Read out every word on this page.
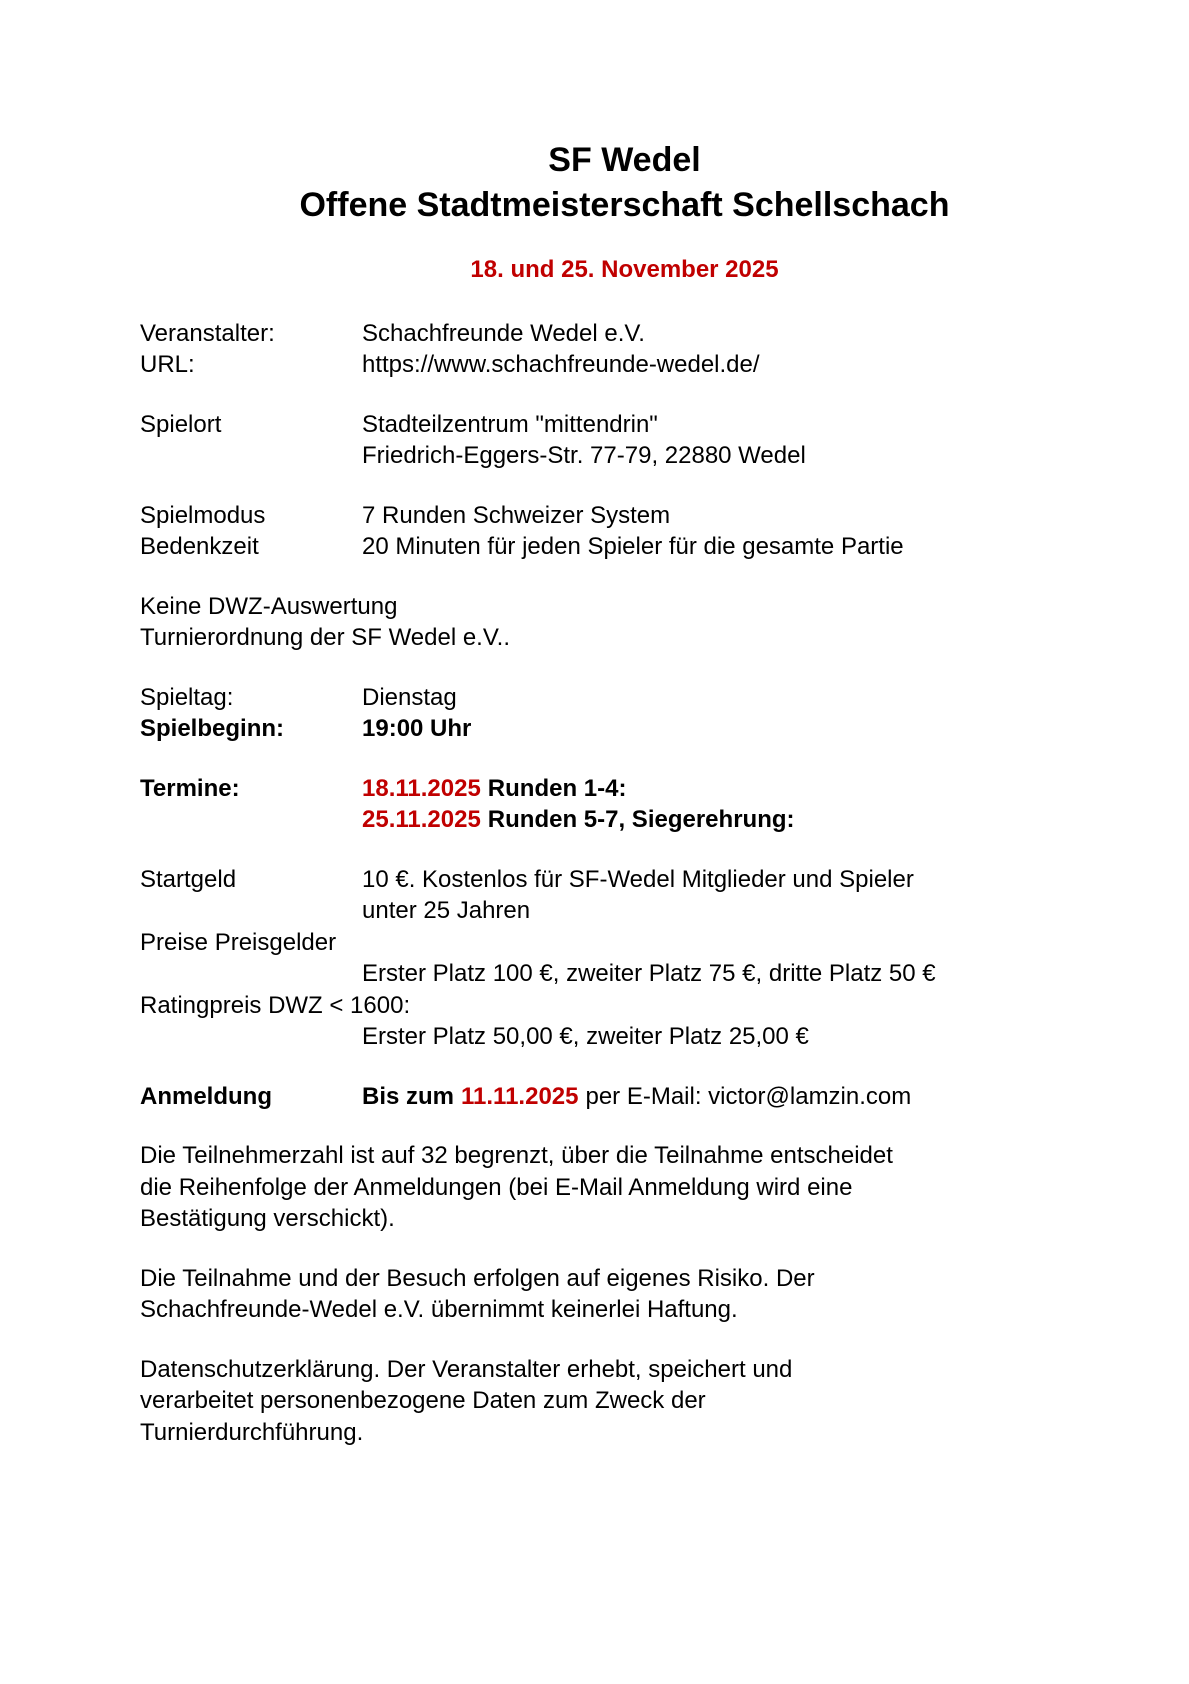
SF Wedel
Offene Stadtmeisterschaft Schellschach
18. und 25. November 2025
Veranstalter:	Schachfreunde Wedel e.V.
URL:	https://www.schachfreunde-wedel.de/
Spielort	Stadteilzentrum "mittendrin"
Friedrich-Eggers-Str. 77-79, 22880 Wedel
Spielmodus	7 Runden Schweizer System
Bedenkzeit	20 Minuten für jeden Spieler für die gesamte Partie
Keine DWZ-Auswertung
Turnierordnung der SF Wedel e.V..
Spieltag:	Dienstag
Spielbeginn:	19:00 Uhr
Termine:	18.11.2025 Runden 1-4:
25.11.2025 Runden 5-7, Siegerehrung:
Startgeld	10 €. Kostenlos für SF-Wedel Mitglieder und Spieler
unter 25 Jahren
Preise Preisgelder
Erster Platz 100 €, zweiter Platz 75 €, dritte Platz 50 €
Ratingpreis DWZ < 1600:
Erster Platz 50,00 €, zweiter Platz 25,00 €
Anmeldung	Bis zum 11.11.2025 per E-Mail: victor@lamzin.com

Die Teilnehmerzahl ist auf 32 begrenzt, über die Teilnahme entscheidet

die Reihenfolge der Anmeldungen (bei E-Mail Anmeldung wird eine

Bestätigung verschickt).

Die Teilnahme und der Besuch erfolgen auf eigenes Risiko. Der

Schachfreunde-Wedel e.V. übernimmt keinerlei Haftung.

Datenschutzerklärung. Der Veranstalter erhebt, speichert und

verarbeitet personenbezogene Daten zum Zweck der

Turnierdurchführung.
